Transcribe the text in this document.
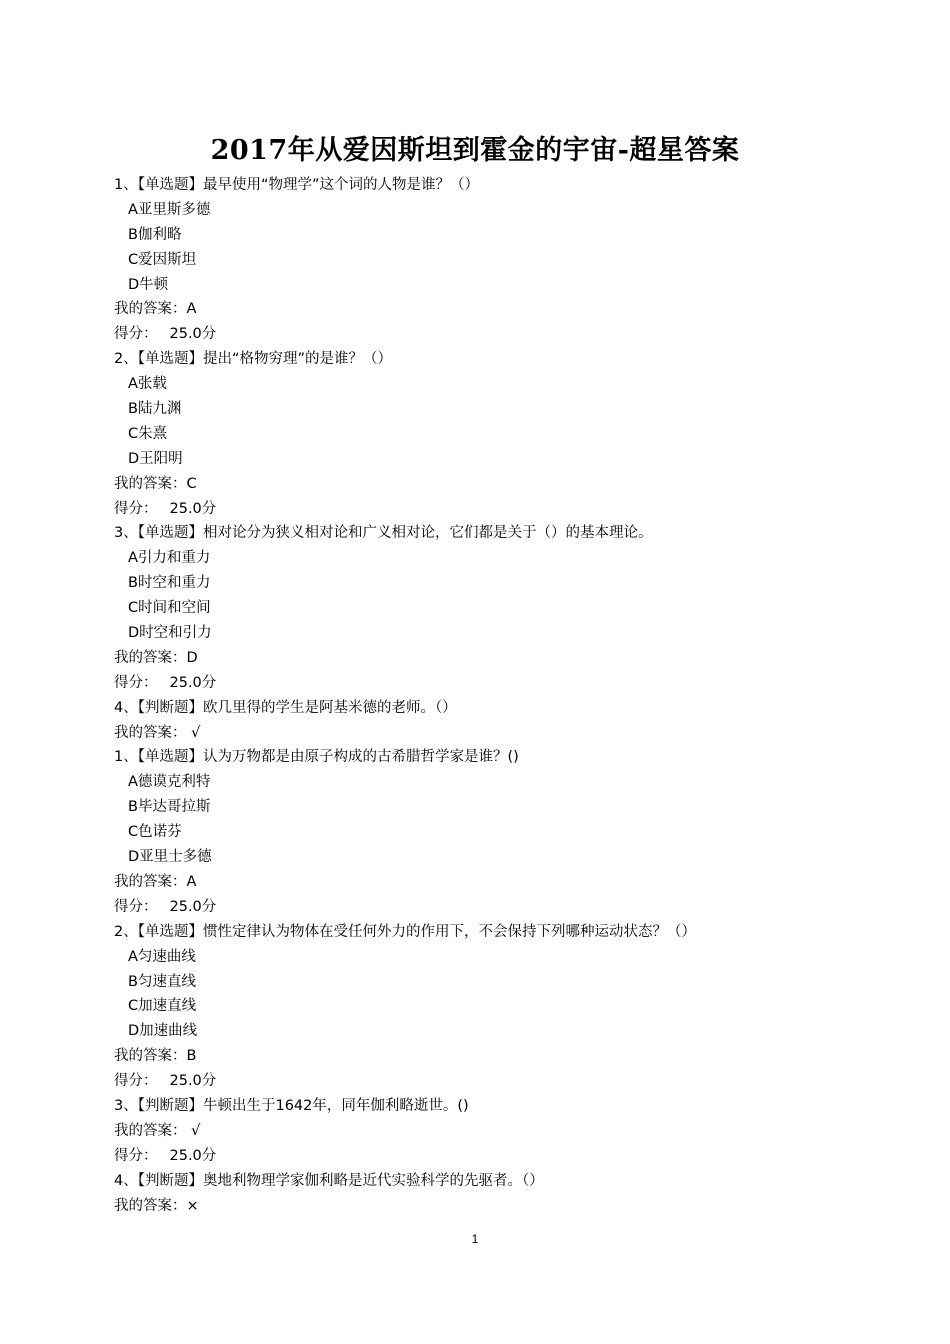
2017年从爱因斯坦到霍金的宇宙-超星答案
1、【单选题】最早使用“物理学”这个词的人物是谁？（）
A亚里斯多德
B伽利略
C爱因斯坦
D牛顿
我的答案：A
得分： 25.0分
2、【单选题】提出“格物穷理”的是谁？（）
A张载
B陆九渊
C朱熹
D王阳明
我的答案：C
得分： 25.0分
3、【单选题】相对论分为狭义相对论和广义相对论，它们都是关于（）的基本理论。
A引力和重力
B时空和重力
C时间和空间
D时空和引力
我的答案：D
得分： 25.0分
4、【判断题】欧几里得的学生是阿基米德的老师。（）
我的答案： √
1、【单选题】认为万物都是由原子构成的古希腊哲学家是谁？()
A德谟克利特
B毕达哥拉斯
C色诺芬
D亚里士多德
我的答案：A
得分： 25.0分
2、【单选题】惯性定律认为物体在受任何外力的作用下，不会保持下列哪种运动状态？（）
A匀速曲线
B匀速直线
C加速直线
D加速曲线
我的答案：B
得分： 25.0分
3、【判断题】牛顿出生于1642年，同年伽利略逝世。()
我的答案： √
得分： 25.0分
4、【判断题】奥地利物理学家伽利略是近代实验科学的先驱者。（）
我的答案：×
1
